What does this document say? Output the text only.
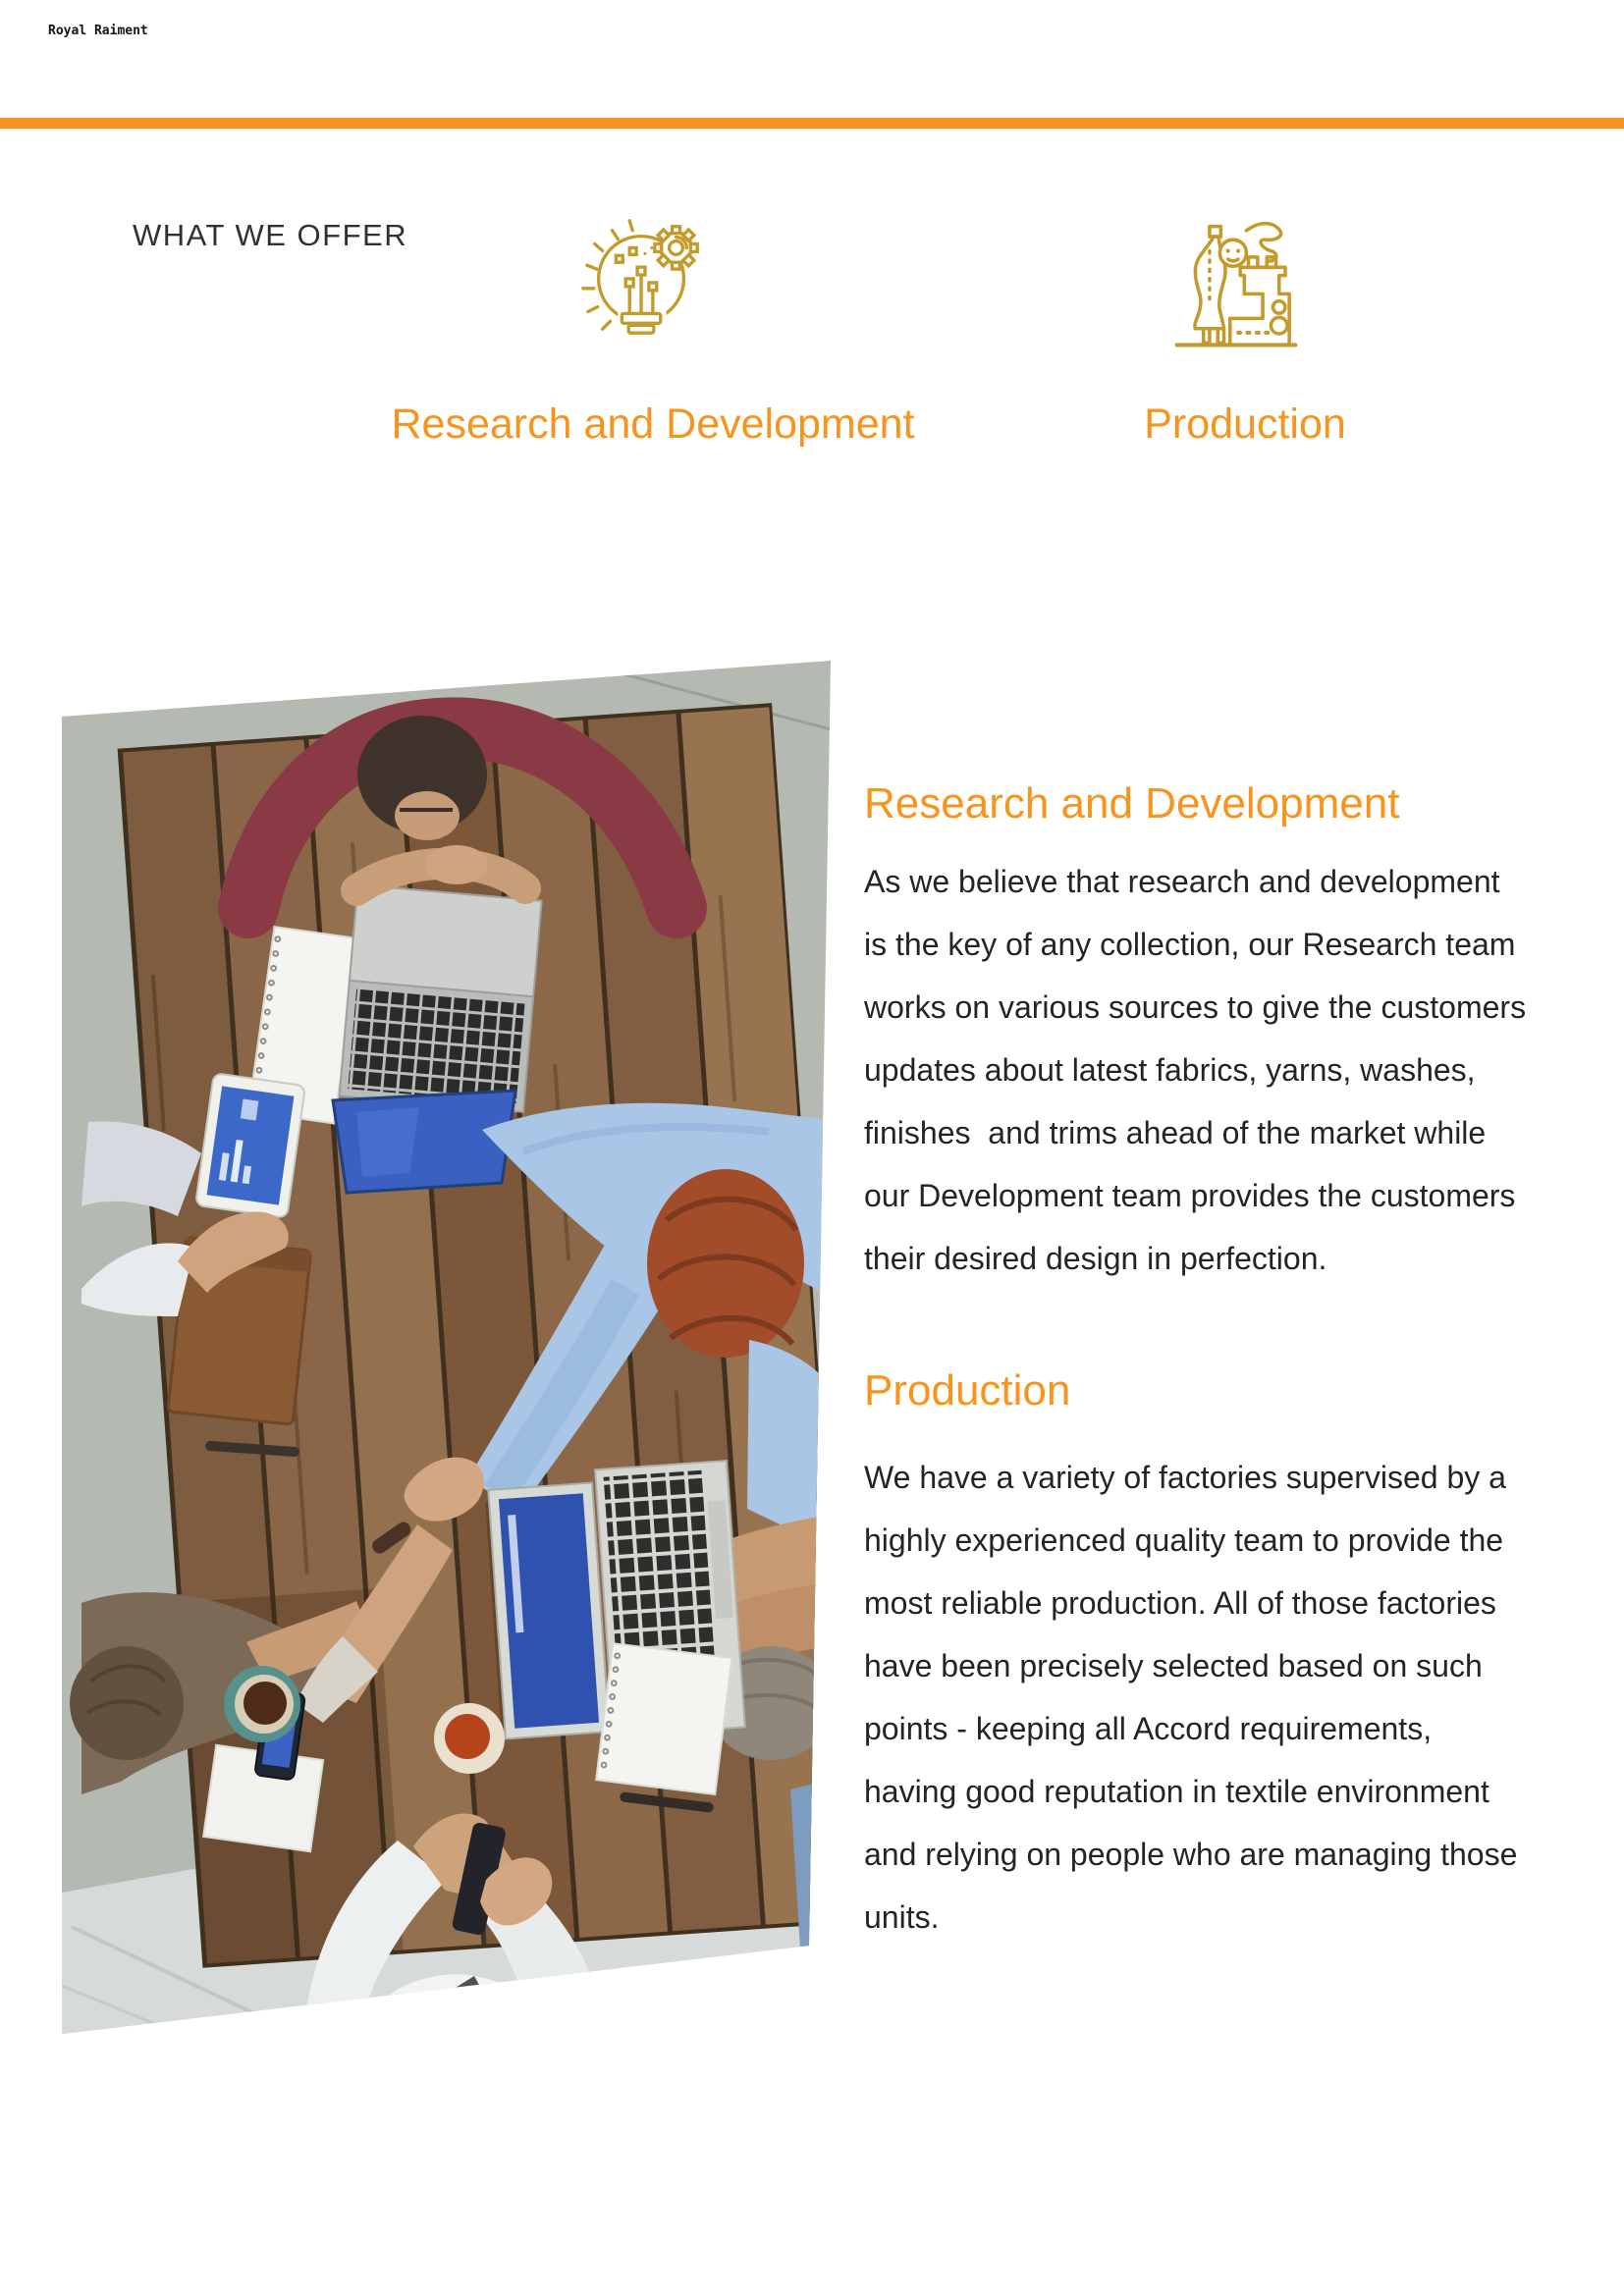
Royal Raiment
WHAT WE OFFER
Research and Development	Production
Research and Development
As we believe that research and development
is the key of any collection, our Research team
works on various sources to give the customers
updates about latest fabrics, yarns, washes,
finishes  and trims ahead of the market while
our Development team provides the customers
their desired design in perfection.
Production
We have a variety of factories supervised by a
highly experienced quality team to provide the
most reliable production. All of those factories
have been precisely selected based on such
points - keeping all Accord requirements,
having good reputation in textile environment
and relying on people who are managing those
units.
